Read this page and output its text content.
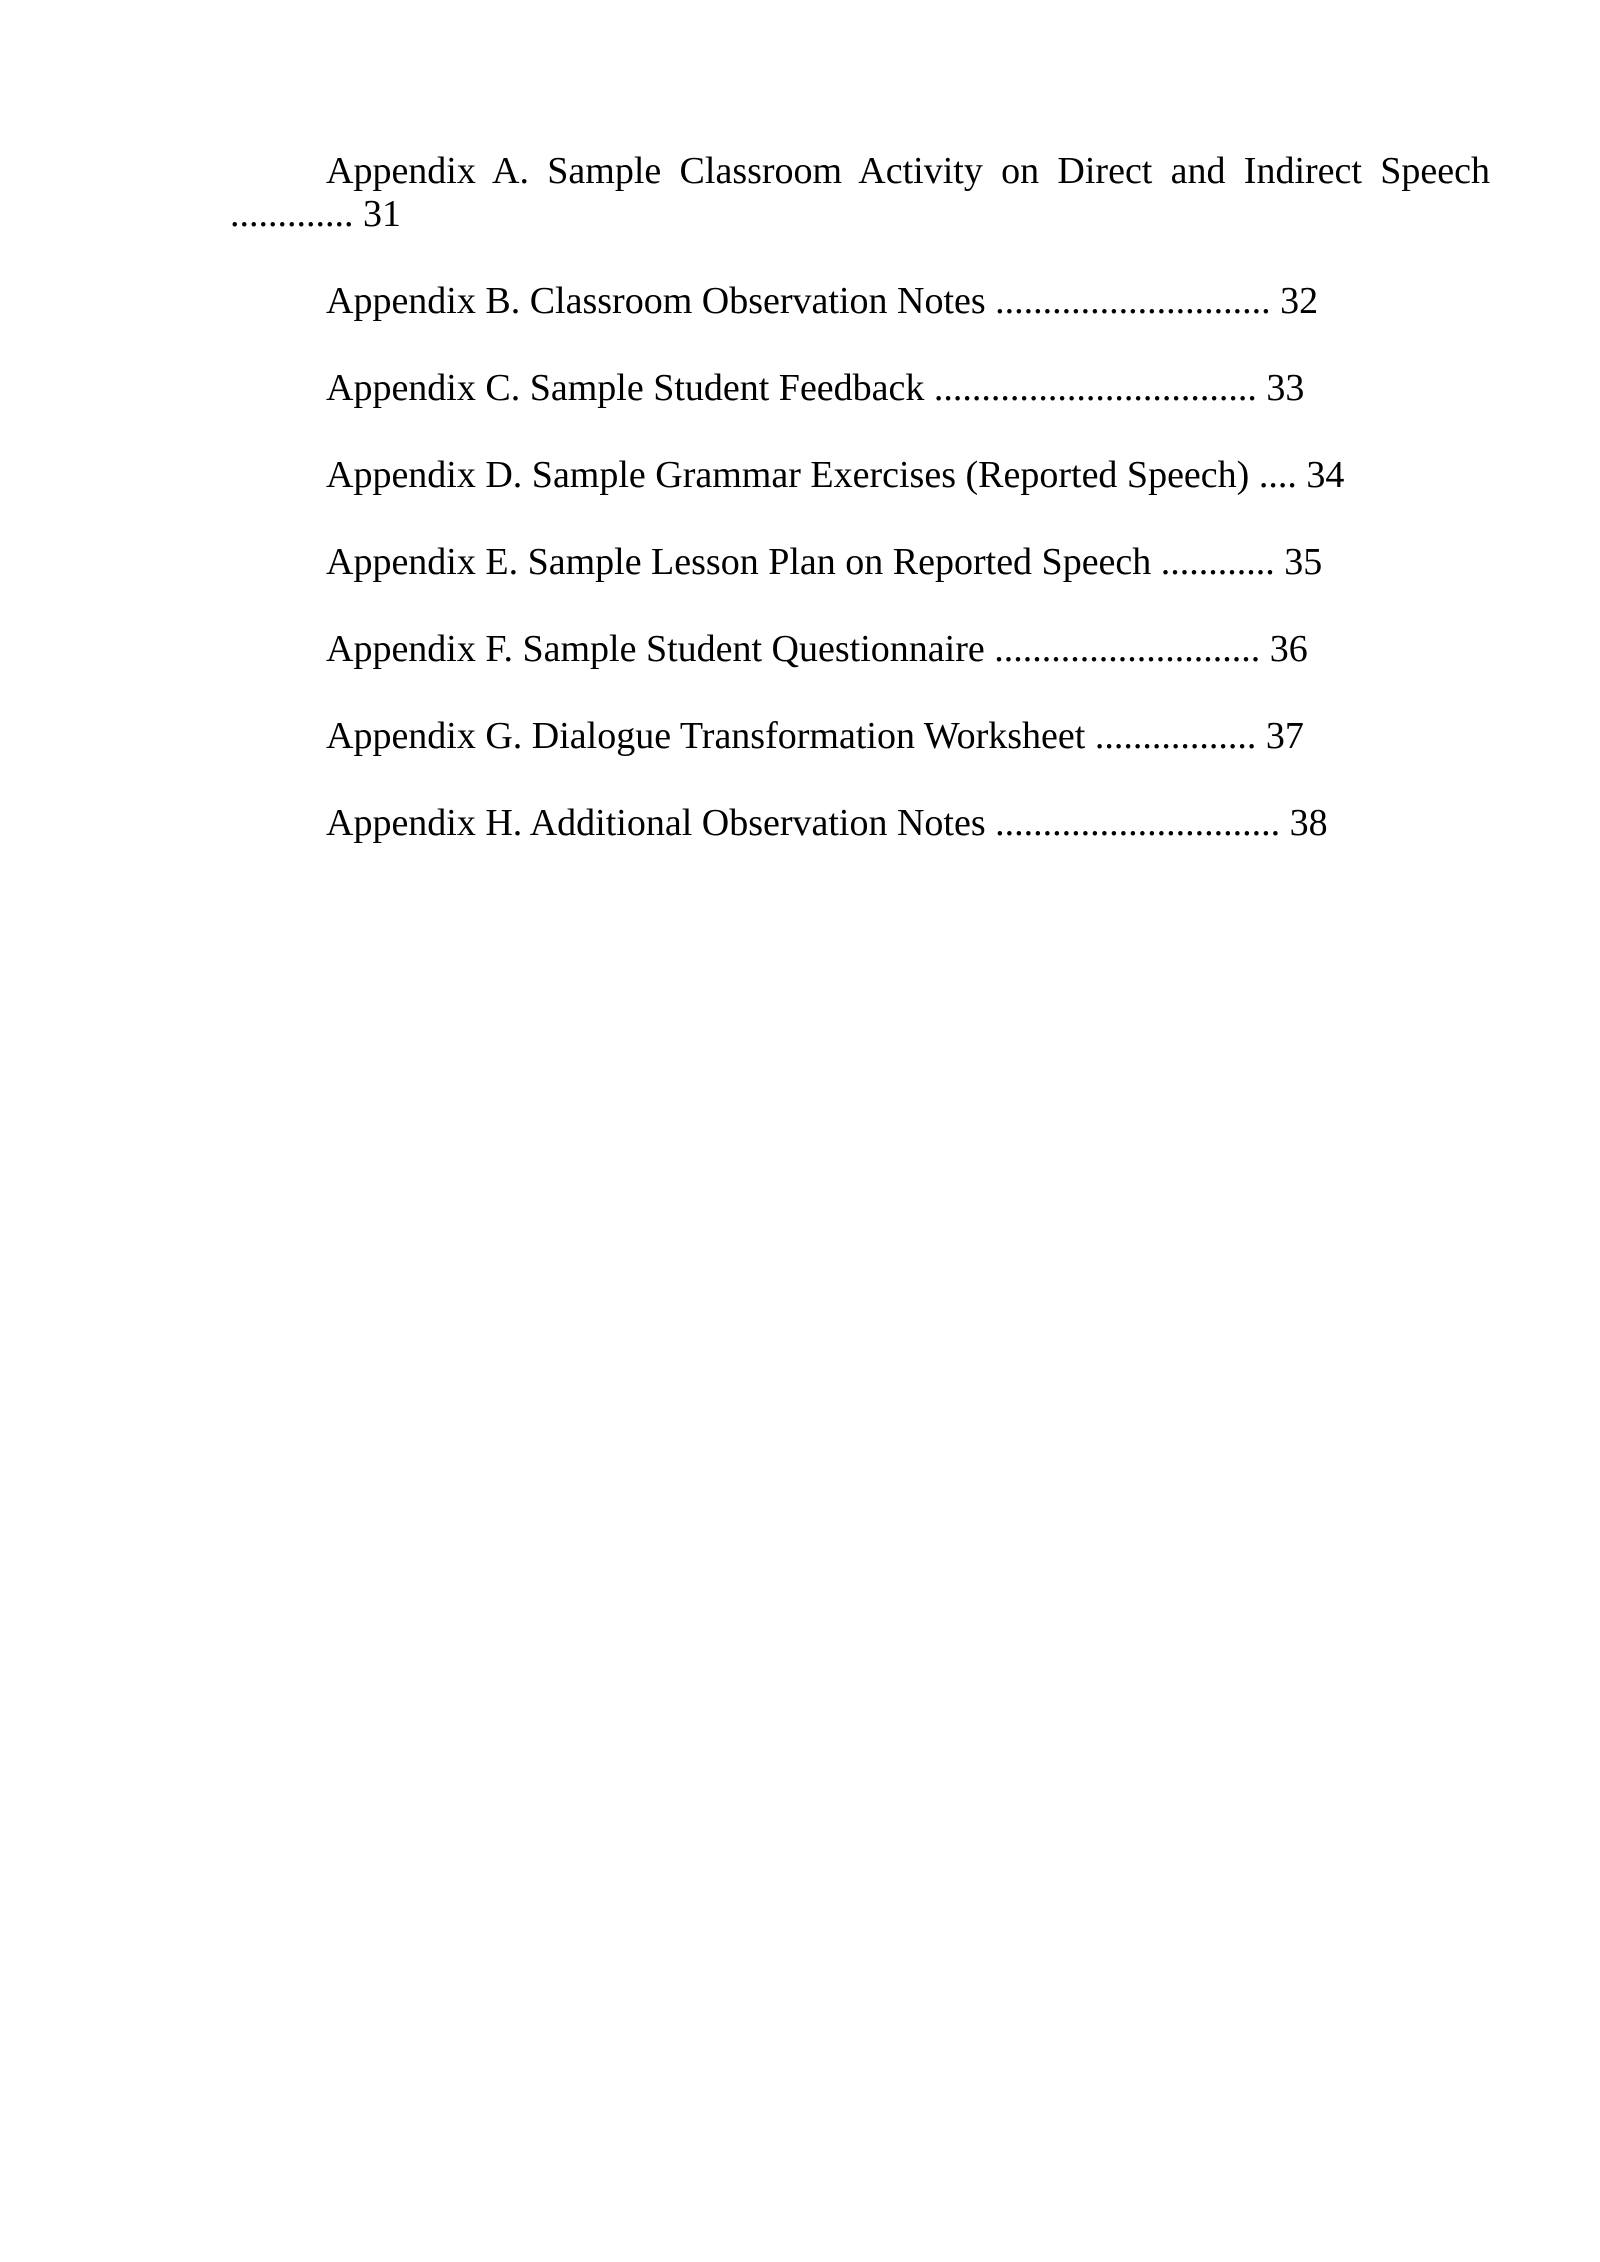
Appendix A. Sample Classroom Activity on Direct and Indirect Speech ............. 31

Appendix B. Classroom Observation Notes ............................. 32

Appendix C. Sample Student Feedback .................................. 33

Appendix D. Sample Grammar Exercises (Reported Speech) .... 34

Appendix E. Sample Lesson Plan on Reported Speech ............ 35

Appendix F. Sample Student Questionnaire ............................ 36

Appendix G. Dialogue Transformation Worksheet ................. 37

Appendix H. Additional Observation Notes .............................. 38
